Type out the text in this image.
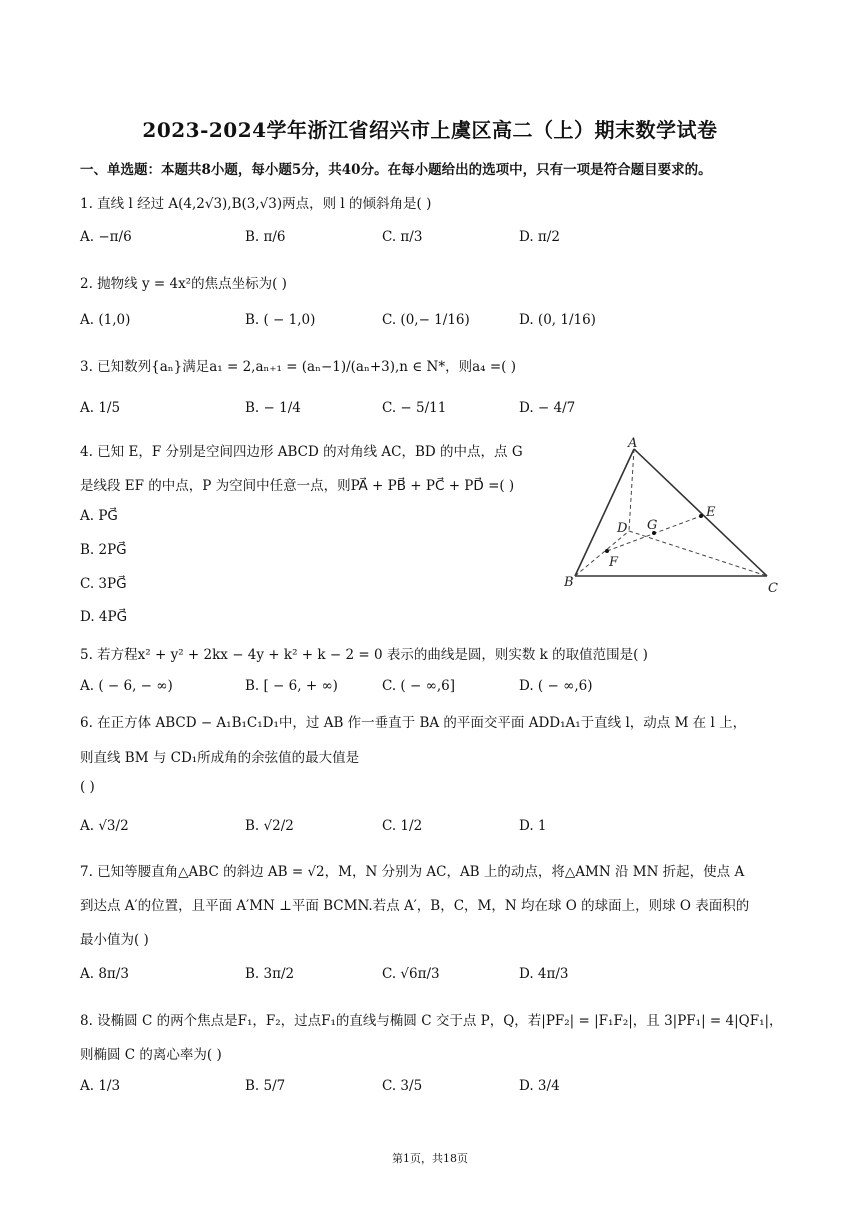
2023-2024学年浙江省绍兴市上虞区高二（上）期末数学试卷
一、单选题：本题共8小题，每小题5分，共40分。在每小题给出的选项中，只有一项是符合题目要求的。
1. 直线 l 经过 A(4,2√3),B(3,√3)两点，则 l 的倾斜角是( )
A. −π/6	B. π/6	C. π/3	D. π/2
2. 抛物线 y = 4x²的焦点坐标为( )
A. (1,0)	B. ( − 1,0)	C. (0,− 1/16)	D. (0, 1/16)
3. 已知数列{aₙ}满足a₁ = 2,aₙ₊₁ = (aₙ−1)/(aₙ+3),n ∈ N*，则a₄ =( )
A. 1/5	B. − 1/4	C. − 5/11	D. − 4/7
4. 已知 E，F 分别是空间四边形 ABCD 的对角线 AC，BD 的中点，点 G
是线段 EF 的中点，P 为空间中任意一点，则PA⃗ + PB⃗ + PC⃗ + PD⃗ =( )
A. PG⃗
B. 2PG⃗
C. 3PG⃗
D. 4PG⃗
A
B	C
D
E
F
G
5. 若方程x² + y² + 2kx − 4y + k² + k − 2 = 0 表示的曲线是圆，则实数 k 的取值范围是( )
A. ( − 6, − ∞)	B. [ − 6, + ∞)	C. ( − ∞,6]	D. ( − ∞,6)
6. 在正方体 ABCD − A₁B₁C₁D₁中，过 AB 作一垂直于 BA 的平面交平面 ADD₁A₁于直线 l，动点 M 在 l 上，
则直线 BM 与 CD₁所成角的余弦值的最大值是
( )
A. √3/2	B. √2/2	C. 1/2	D. 1
7. 已知等腰直角△ABC 的斜边 AB = √2，M，N 分别为 AC，AB 上的动点，将△AMN 沿 MN 折起，使点 A
到达点 A′的位置，且平面 A′MN ⊥平面 BCMN.若点 A′，B，C，M，N 均在球 O 的球面上，则球 O 表面积的
最小值为( )
A. 8π/3	B. 3π/2	C. √6π/3	D. 4π/3
8. 设椭圆 C 的两个焦点是F₁，F₂，过点F₁的直线与椭圆 C 交于点 P，Q，若|PF₂| = |F₁F₂|，且 3|PF₁| = 4|QF₁|，
则椭圆 C 的离心率为( )
A. 1/3	B. 5/7	C. 3/5	D. 3/4
第1页，共18页
